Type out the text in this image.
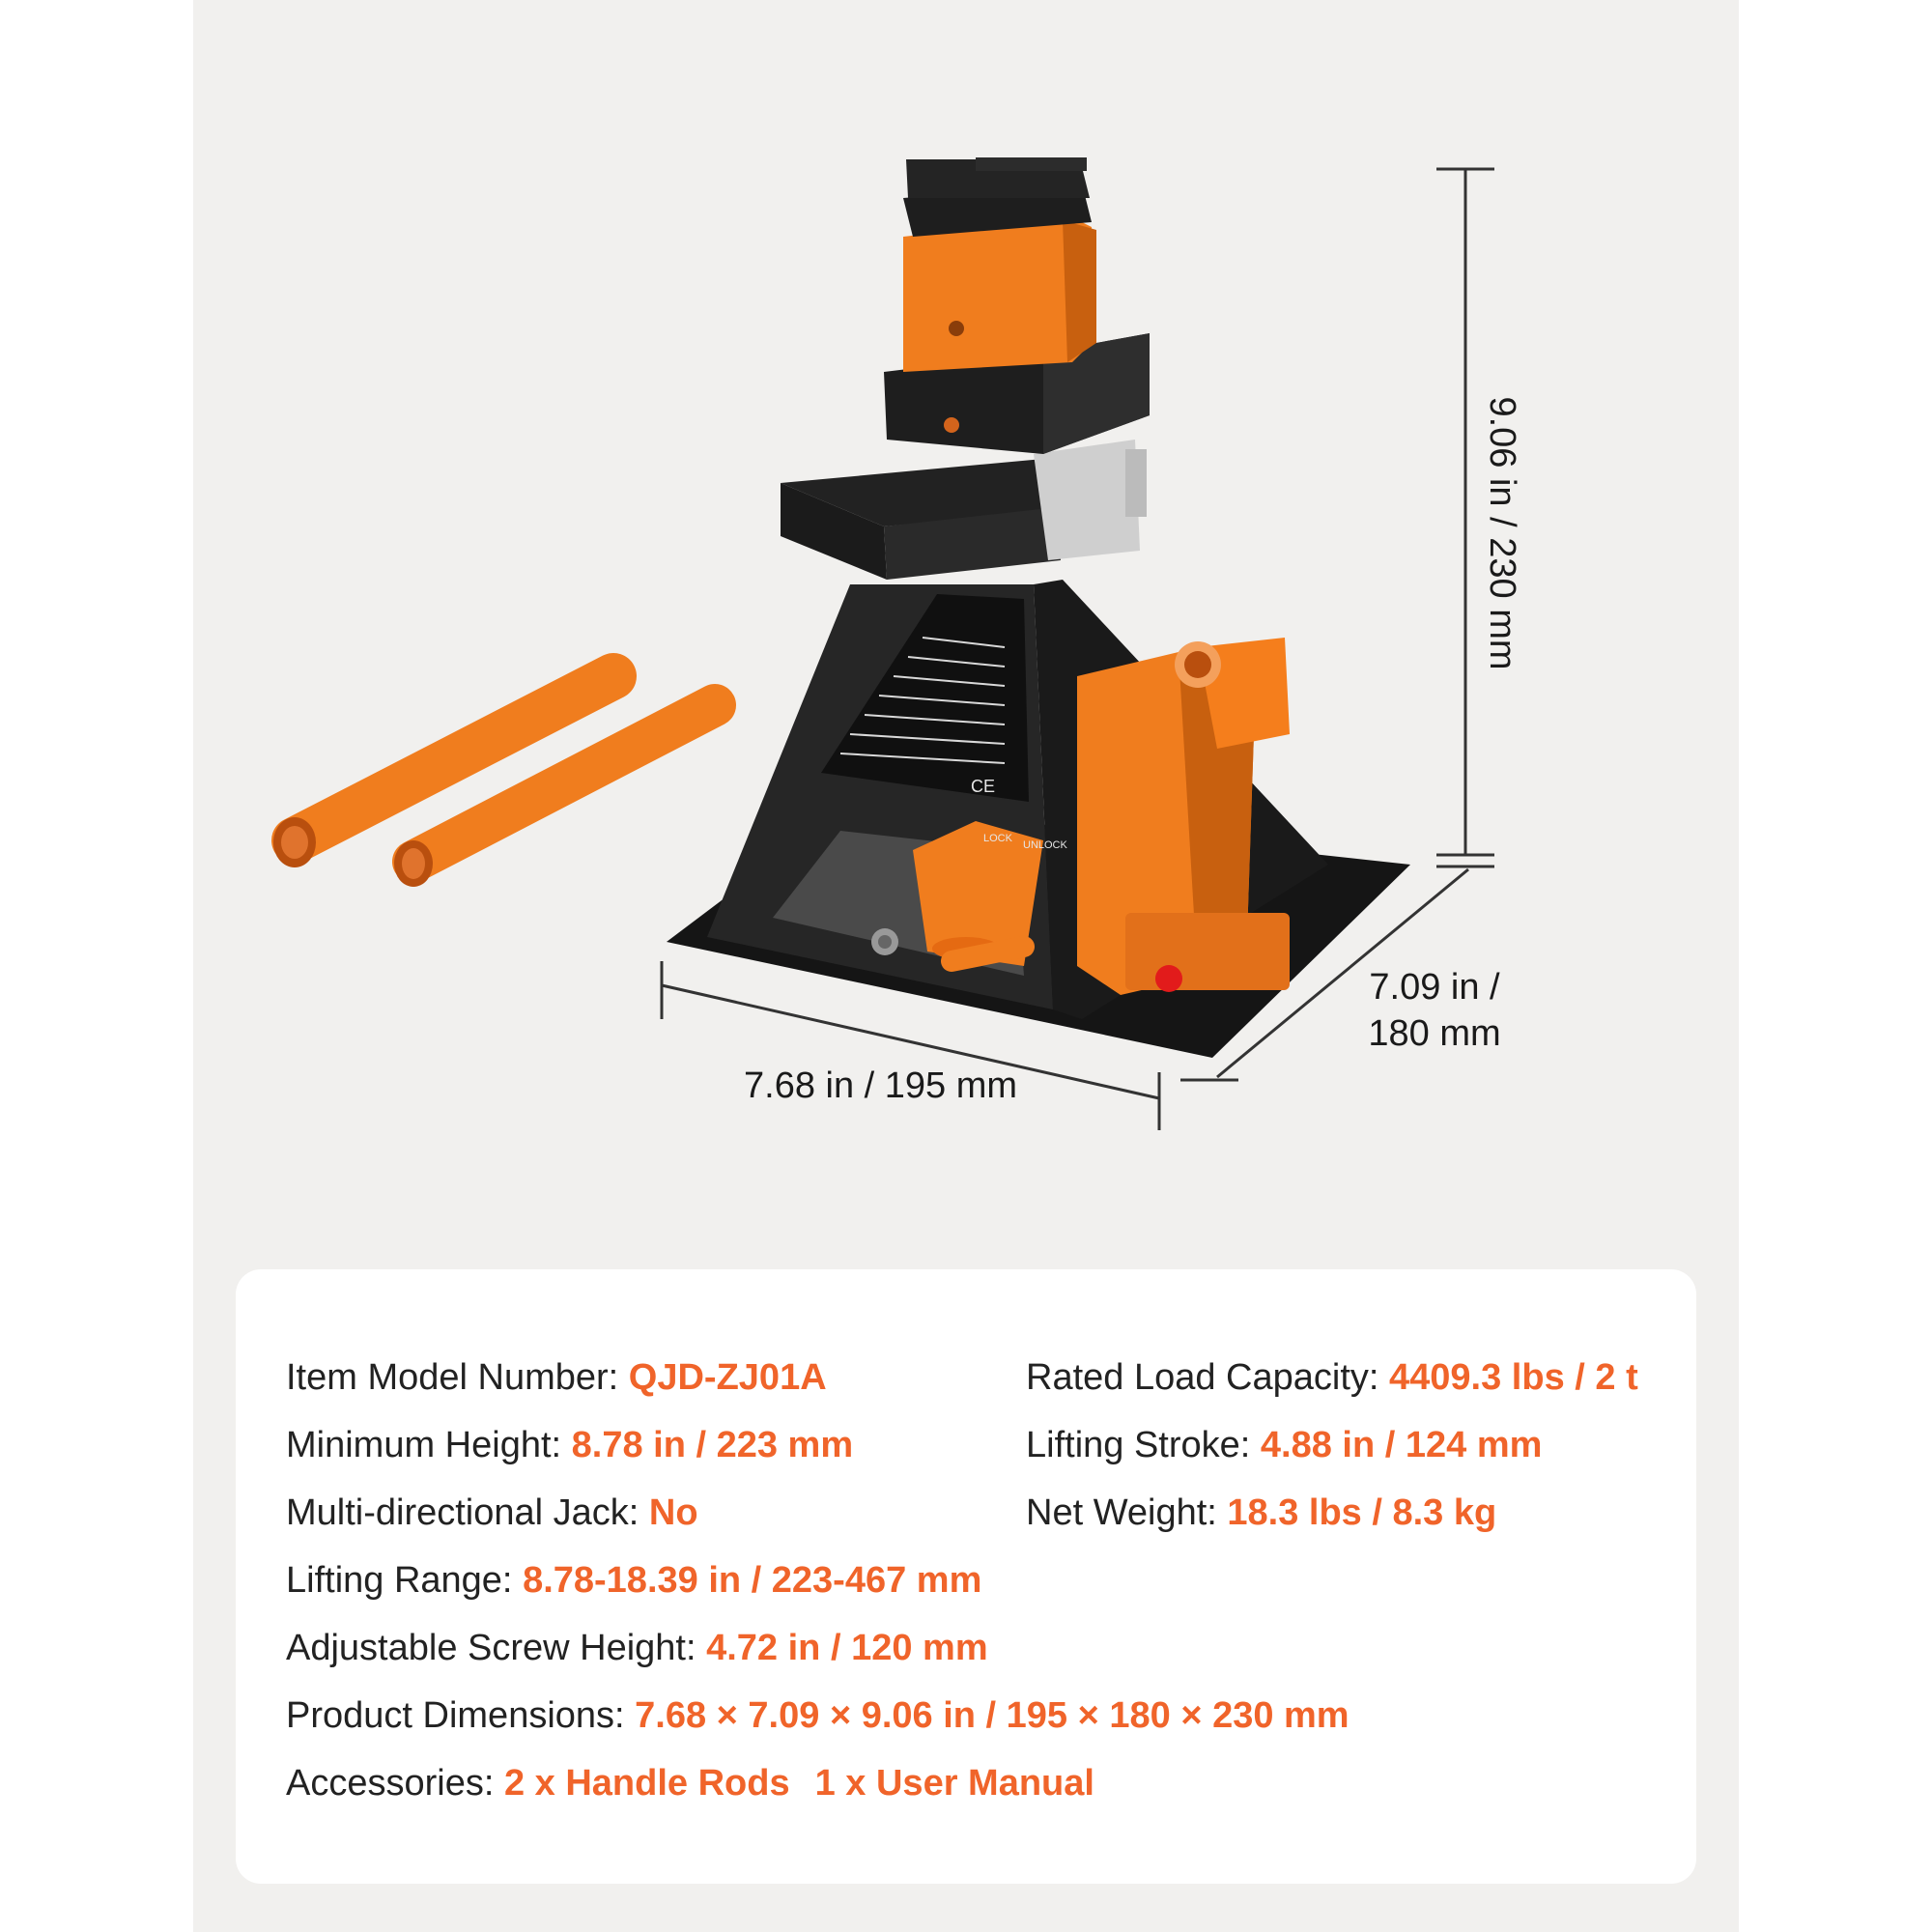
CE
LOCK
UNLOCK
9.06 in / 230 mm
7.09 in /
180 mm
7.68 in / 195 mm
Item Model Number: QJD-ZJ01A
Minimum Height: 8.78 in / 223 mm
Multi-directional Jack: No
Lifting Range: 8.78-18.39 in / 223-467 mm
Adjustable Screw Height: 4.72 in / 120 mm
Product Dimensions: 7.68 × 7.09 × 9.06 in / 195 × 180 × 230 mm
Accessories: 2 x Handle Rods 1 x User Manual
Rated Load Capacity: 4409.3 lbs / 2 t
Lifting Stroke: 4.88 in / 124 mm
Net Weight: 18.3 lbs / 8.3 kg
